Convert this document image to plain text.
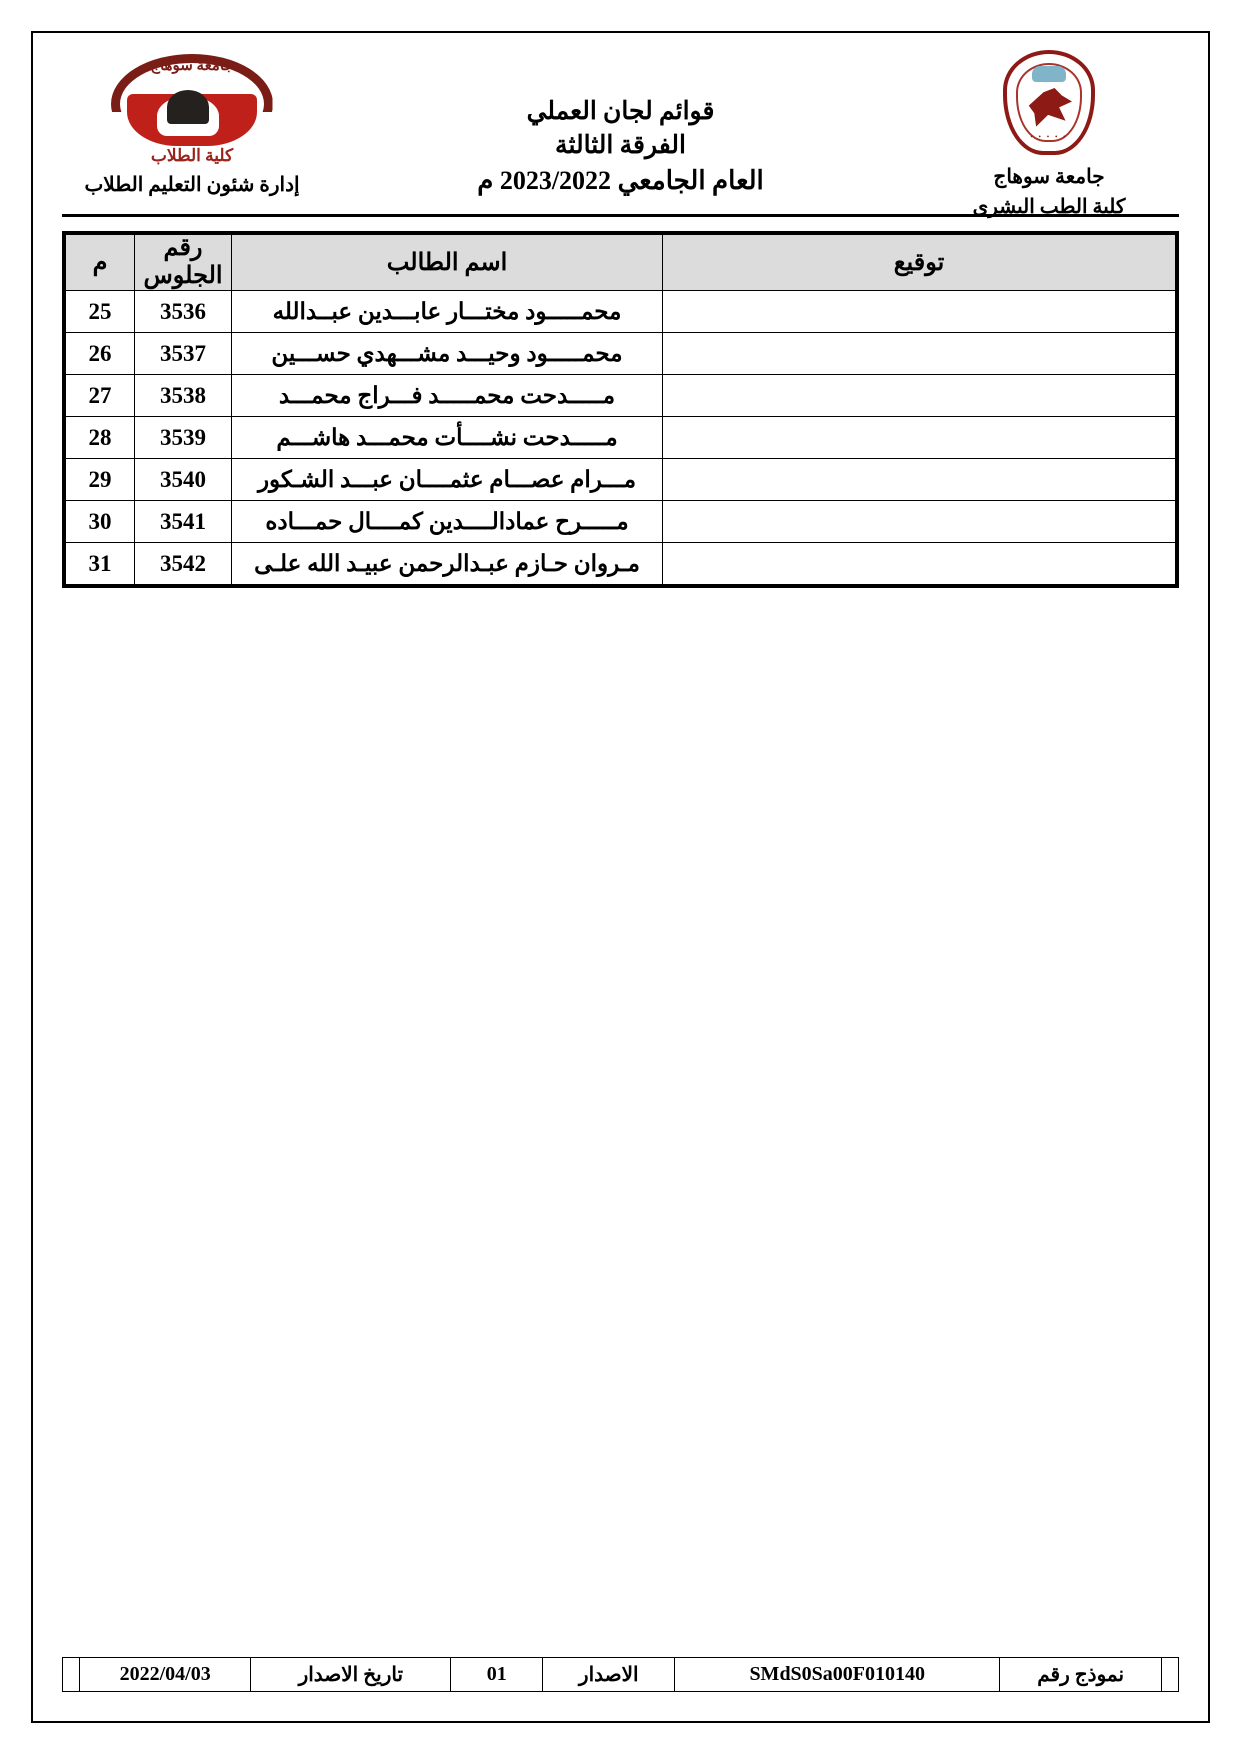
• • • • •
جامعة سوهاج
كلية الطب البشرى
قوائم لجان العملي
الفرقة الثالثة
العام الجامعي 2023/2022 م
جامعة سوهاج
كلية الطلاب
إدارة شئون التعليم الطلاب
توقيع	اسم الطالب	رقم الجلوس	م
	محمـــــود مختـــار عابـــدين عبــدالله	3536	25
	محمـــــود وحيـــد مشـــهدي حســـين	3537	26
	مـــــدحت محمـــــد فـــراج محمـــد	3538	27
	مـــــدحت نشــــأت محمـــد هاشـــم	3539	28
	مـــرام عصـــام عثمــــان عبـــد الشـكور	3540	29
	مـــــرح عمادالــــدين كمــــال حمـــاده	3541	30
	مـروان حـازم عبـدالرحمن عبيـد الله علـى	3542	31
	نموذج رقم	SMdS0Sa00F010140	الاصدار	01	تاريخ الاصدار	2022/04/03	
